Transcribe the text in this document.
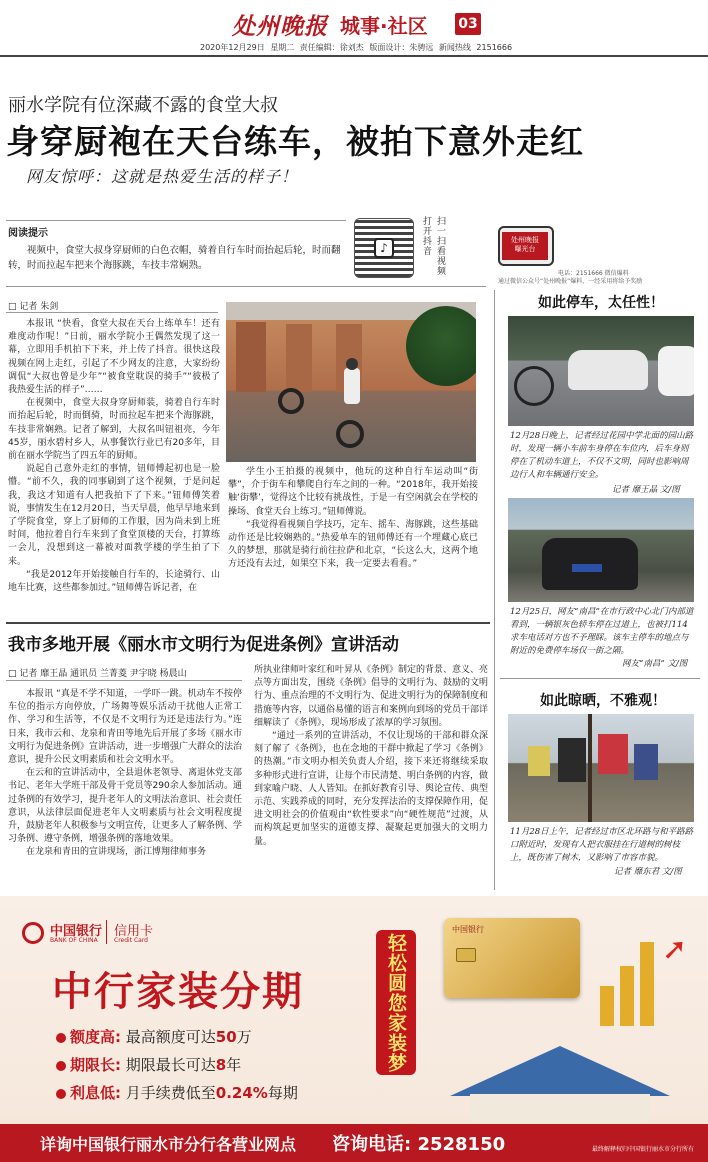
处州晚报 城事·社区 03
2020年12月29日 星期二 责任编辑：徐刘杰 版面设计：朱骋远 新闻热线 2151666
丽水学院有位深藏不露的食堂大叔
身穿厨袍在天台练车，被拍下意外走红
网友惊呼：这就是热爱生活的样子！
阅读提示
视频中，食堂大叔身穿厨师的白色衣帽，骑着自行车时而抬起后轮，时而翻转，时而拉起车把来个海豚跳，车技丰常娴熟。
♪	打开抖音 扫一扫看视频	处州晚报
曝光台
电话：2151666 微信爆料
通过微信公众号“处州晚报”爆料，一经采用将给予奖励
□ 记者 朱剑

本报讯 “快看，食堂大叔在天台上练单车！还有难度动作呢！”日前，丽水学院小王偶然发现了这一幕，立即用手机拍下下来，并上传了抖音。很快这段视频在网上走红，引起了不少网友的注意，大家纷纷调侃“大叔也曾是少年”“被食堂耽误的骑手”“彼极了我热爱生活的样子”……

在视频中，食堂大叔身穿厨师装，骑着自行车时而抬起后轮，时而倒骑，时而拉起车把来个海豚跳，车技非常娴熟。记者了解到，大叔名叫钮祖亮，今年45岁，丽水碧村乡人，从事餐饮行业已有20多年，目前在丽水学院当了四五年的厨师。

说起自己意外走红的事情，钮师傅起初也是一脸懵。“前不久，我的同事刷到了这个视频，于是问起我，我这才知道有人把我拍下了下来。”钮师傅笑着说，事情发生在12月20日，当天早晨，他早早地来到了学院食堂，穿上了厨师的工作服，因为尚未到上班时间，他拉着自行车来到了食堂顶楼的天台，打算练一会儿，没想到这一幕被对面教学楼的学生拍了下来。

“我是2012年开始接触自行车的，长途骑行、山地车比赛，这些都参加过。”钮师傅告诉记者，在

学生小王拍摄的视频中，他玩的这种自行车运动叫“街攀”，介于街车和攀爬自行车之间的一种。“2018年，我开始接触‘街攀’，觉得这个比较有挑战性，于是一有空闲就会在学校的操场、食堂天台上练习。”钮师傅说。

“我觉得看视频自学技巧，定车、摇车、海豚跳，这些基础动作还是比较娴熟的。”热爱单车的钮师傅还有一个埋藏心底已久的梦想，那就是骑行前往拉萨和北京，“长这么大，这两个地方还没有去过，如果空下来，我一定要去看看。”

我市多地开展《丽水市文明行为促进条例》宣讲活动
□ 记者 靡王晶 通讯员 兰菁菱 尹宇晓 杨晨山

本报讯 “真是不学不知道，一学吓一跳。机动车不按停车位的指示方向停放，广场舞等娱乐活动干扰他人正常工作、学习和生活等，不仅是不文明行为还是违法行为。”连日来，我市云和、龙泉和青田等地先后开展了多场《丽水市文明行为促进条例》宣讲活动，进一步增强广大群众的法治意识，提升公民文明素质和社会文明水平。

在云和的宣讲活动中，全县退休老领导、离退休党支部书记、老年大学班干部及骨干党员等290余人参加活动。通过条例的有效学习，提升老年人的文明法治意识、社会责任意识，从法律层面促进老年人文明素质与社会文明程度提升，鼓励老年人积极参与文明宣传，让更多人了解条例、学习条例、遵守条例，增强条例的落地效果。

在龙泉和青田的宣讲现场，浙江博翔律师事务

所执业律师叶家红和叶昇从《条例》制定的背景、意义、亮点等方面出发，围绕《条例》倡导的文明行为、鼓励的文明行为、重点治理的不文明行为、促进文明行为的保障制度和措施等内容，以通俗易懂的语言和案例向到场的党员干部详细解读了《条例》，现场形成了浓厚的学习氛围。

“通过一系列的宣讲活动，不仅让现场的干部和群众深刻了解了《条例》，也在念地的干群中掀起了学习《条例》的热潮。”市文明办相关负责人介绍，接下来还将继续采取多种形式进行宣讲，让每个市民清楚、明白条例的内容，做到家喻户晓、人人皆知。在抓好教育引导、舆论宣传、典型示范、实践养成的同时，充分发挥法治的支撑保障作用，促进文明社会的价值观由“软性要求”向“硬性规范”过渡，从而构筑起更加坚实的道德支撑、凝聚起更加强大的文明力量。

如此停车，太任性！
12月28日晚上，记者经过花园中学北面的园山路时，发现一辆小车前车身停在车位内，后车身则停在了机动车道上，不仅不文明，同时也影响周边行人和车辆通行安全。
记者 靡王晶 文/图
12月25日，网友“南昌”在市行政中心北门内部道看到，一辆银灰色轿车停在过道上，也被打114求车电话对方也不予理睬。该车主停车的地点与附近的免费停车场仅一街之隔。
网友“南昌” 文/图
如此晾晒，不雅观！
11月28日上午，记者经过市区北环路与和平路路口附近时，发现有人把衣服挂在行道树的树枝上，既伤害了树木，又影响了市容市貌。
记者 靡东君 文/图
中国银行
BANK OF CHINA
信用卡
Credit Card
中行家装分期
额度高: 最高额度可达50万
期限长: 期限最长可达8年
利息低: 月手续费低至0.24%每期
中国银行
➚
轻松圆您家装梦
详询中国银行丽水市分行各营业网点 咨询电话: 2528150	最终解释权归中国银行丽水市分行所有
